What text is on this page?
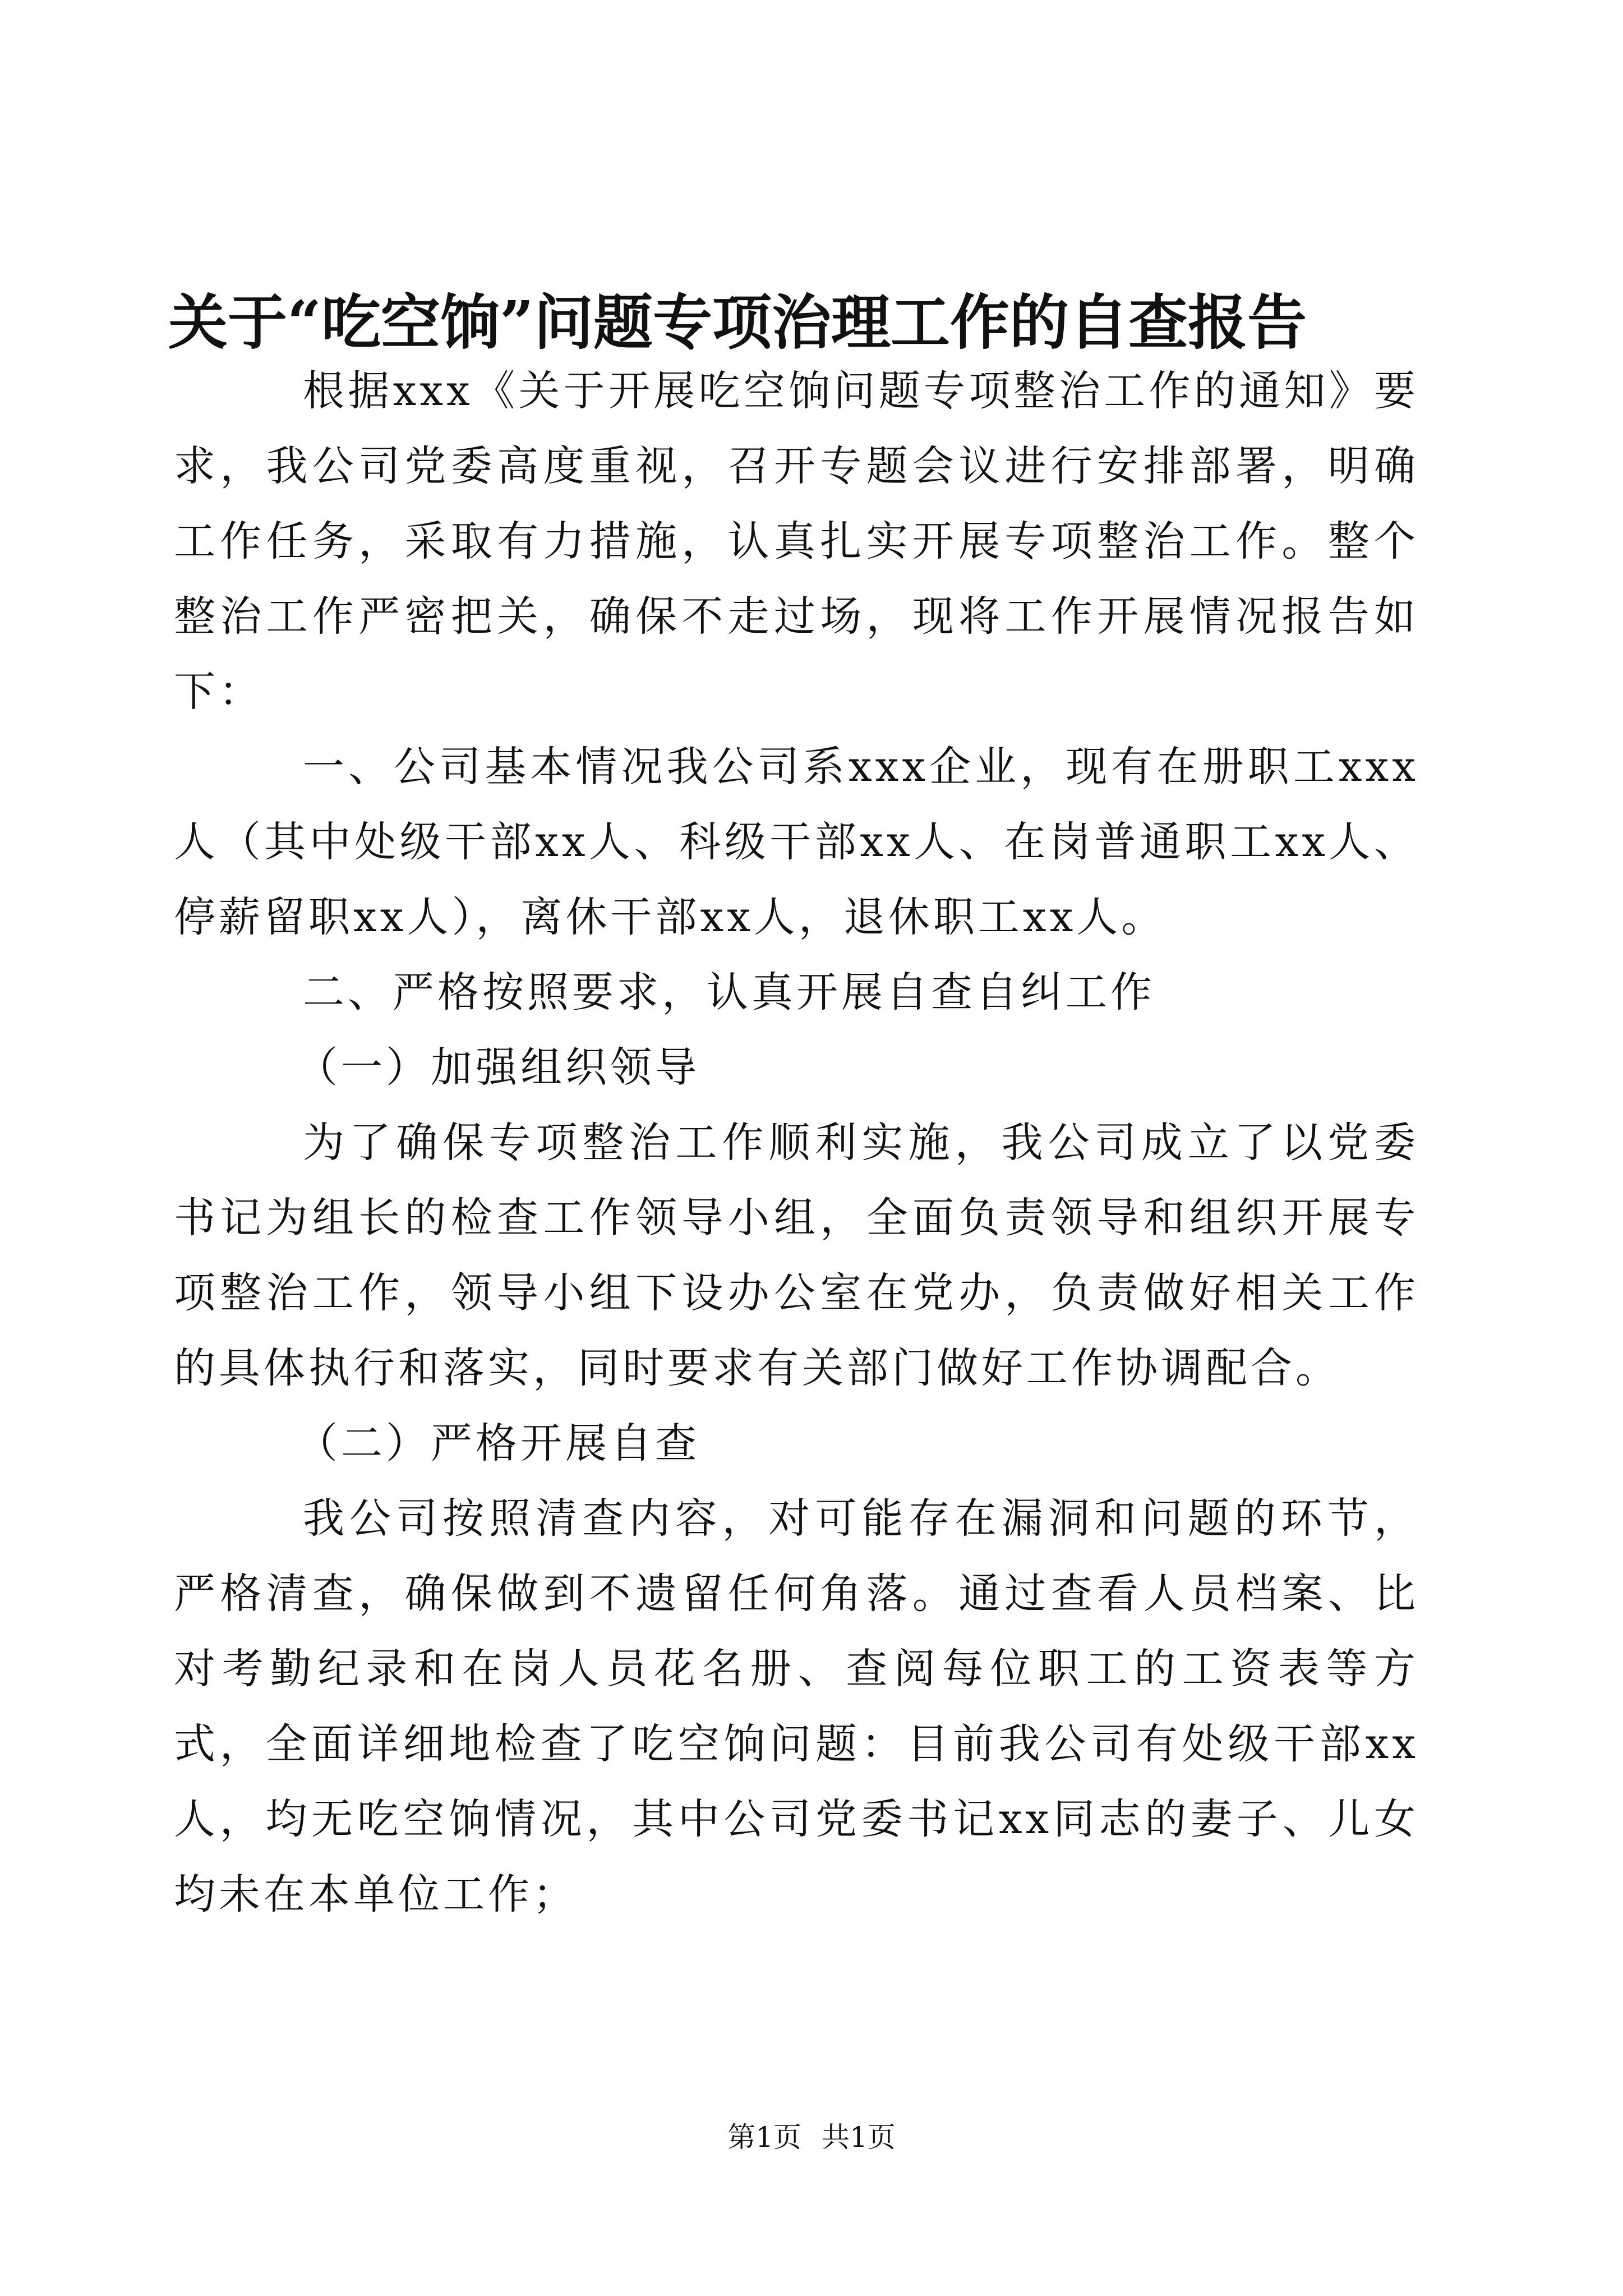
关于“吃空饷”问题专项治理工作的自查报告

根据xxx《关于开展吃空饷问题专项整治工作的通知》要求，我公司党委高度重视，召开专题会议进行安排部署，明确工作任务，采取有力措施，认真扎实开展专项整治工作。整个整治工作严密把关，确保不走过场，现将工作开展情况报告如下：

一、公司基本情况我公司系xxx企业，现有在册职工xxx人（其中处级干部xx人、科级干部xx人、在岗普通职工xx人、停薪留职xx人），离休干部xx人，退休职工xx人。

二、严格按照要求，认真开展自查自纠工作

（一）加强组织领导

为了确保专项整治工作顺利实施，我公司成立了以党委书记为组长的检查工作领导小组，全面负责领导和组织开展专项整治工作，领导小组下设办公室在党办，负责做好相关工作的具体执行和落实，同时要求有关部门做好工作协调配合。

（二）严格开展自查

我公司按照清查内容，对可能存在漏洞和问题的环节，严格清查，确保做到不遗留任何角落。通过查看人员档案、比对考勤纪录和在岗人员花名册、查阅每位职工的工资表等方式，全面详细地检查了吃空饷问题：目前我公司有处级干部xx人，均无吃空饷情况，其中公司党委书记xx同志的妻子、儿女均未在本单位工作；

第1页 共1页
